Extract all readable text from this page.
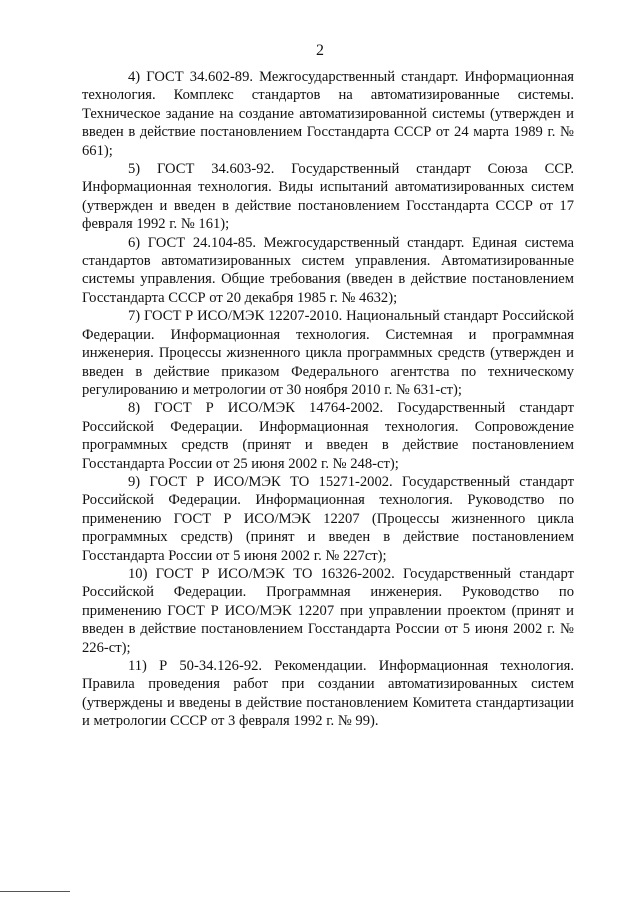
2

4) ГОСТ 34.602-89. Межгосударственный стандарт. Информационная технология. Комплекс стандартов на автоматизированные системы. Техническое задание на создание автоматизированной системы (утвержден и введен в действие постановлением Госстандарта СССР от 24 марта 1989 г. № 661);

5) ГОСТ 34.603-92. Государственный стандарт Союза ССР. Информационная технология. Виды испытаний автоматизированных систем (утвержден и введен в действие постановлением Госстандарта СССР от 17 февраля 1992 г. № 161);

6) ГОСТ 24.104-85. Межгосударственный стандарт. Единая система стандартов автоматизированных систем управления. Автоматизированные системы управления. Общие требования (введен в действие постановлением Госстандарта СССР от 20 декабря 1985 г. № 4632);

7) ГОСТ Р ИСО/МЭК 12207-2010. Национальный стандарт Российской Федерации. Информационная технология. Системная и программная инженерия. Процессы жизненного цикла программных средств (утвержден и введен в действие приказом Федерального агентства по техническому регулированию и метрологии от 30 ноября 2010 г. № 631-ст);

8) ГОСТ Р ИСО/МЭК 14764-2002. Государственный стандарт Российской Федерации. Информационная технология. Сопровождение программных средств (принят и введен в действие постановлением Госстандарта России от 25 июня 2002 г. № 248-ст);

9) ГОСТ Р ИСО/МЭК ТО 15271-2002. Государственный стандарт Российской Федерации. Информационная технология. Руководство по применению ГОСТ Р ИСО/МЭК 12207 (Процессы жизненного цикла программных средств) (принят и введен в действие постановлением Госстандарта России от 5 июня 2002 г. № 227ст);

10) ГОСТ Р ИСО/МЭК ТО 16326-2002. Государственный стандарт Российской Федерации. Программная инженерия. Руководство по применению ГОСТ Р ИСО/МЭК 12207 при управлении проектом (принят и введен в действие постановлением Госстандарта России от 5 июня 2002 г. № 226-ст);

11) Р 50-34.126-92. Рекомендации. Информационная технология. Правила проведения работ при создании автоматизированных систем (утверждены и введены в действие постановлением Комитета стандартизации и метрологии СССР от 3 февраля 1992 г. № 99).
